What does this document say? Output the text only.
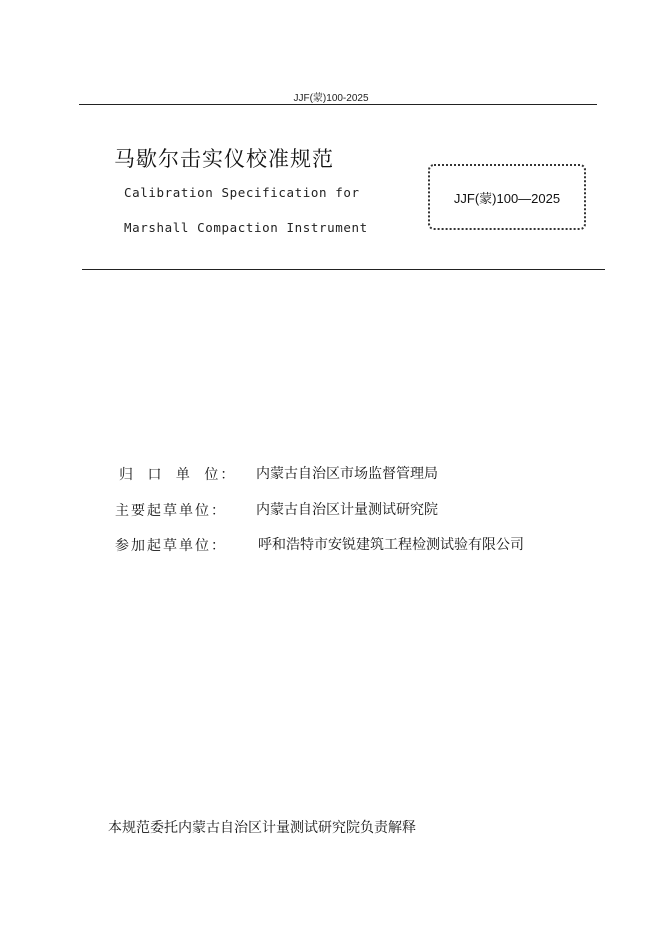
JJF(蒙)100-2025
马歇尔击实仪校准规范
Calibration Specification for
Marshall Compaction Instrument
JJF(蒙)100—2025
归 口 单 位： 内蒙古自治区市场监督管理局
主要起草单位： 内蒙古自治区计量测试研究院
参加起草单位： 呼和浩特市安锐建筑工程检测试验有限公司
本规范委托内蒙古自治区计量测试研究院负责解释
